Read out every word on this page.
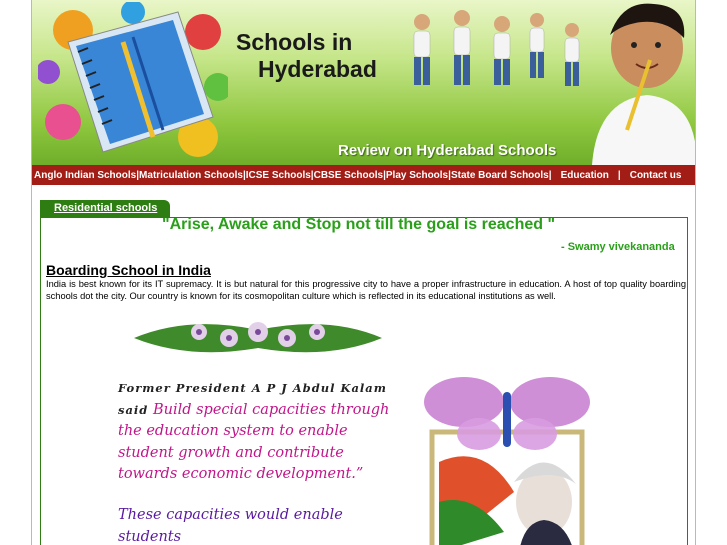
Schools in
Hyderabad
Review on Hyderabad Schools
Anglo Indian Schools | Matriculation Schools | ICSE Schools | CBSE Schools | Play Schools | State Board Schools | Education | Contact us
Residential schools
"Arise, Awake and Stop not till the goal is reached "
- Swamy vivekananda
Boarding School in India
India is best known for its IT supremacy. It is but natural for this progressive city to have a proper infrastructure in education. A host of top quality boarding schools dot the city. Our country is known for its cosmopolitan culture which is reflected in its educational institutions as well.
Former President A P J Abdul Kalam said Build special capacities through the education system to enable student growth and contribute towards economic development.”
These capacities would enable students
